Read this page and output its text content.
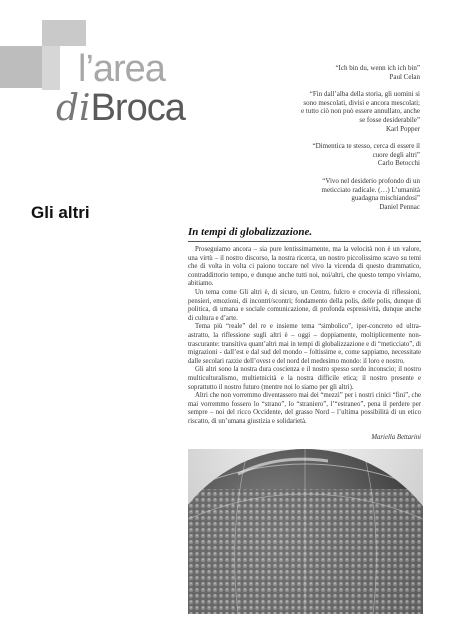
l’area
diBroca
“Ich bin du, wenn ich ich bin”
Paul Celan
“Fin dall’alba della storia, gli uomini si sono mescolati, divisi e ancora mescolati; e tutto ciò non può essere annullato, anche se fosse desiderabile”
Karl Popper
“Dimentica te stesso, cerca di essere il cuore degli altri”
Carlo Betocchi
“Vivo nel desiderio profondo di un meticciato radicale. (…) L’umanità guadagna mischiandosi”
Daniel Pennac
Gli altri
In tempi di globalizzazione.

Proseguiamo ancora – sia pure lentissimamente, ma la velocità non è un valore, una virtù – il nostro discorso, la nostra ricerca, un nostro piccolissimo scavo su temi che di volta in volta ci paiono toccare nel vivo la vicenda di questo drammatico, contraddittorio tempo, e dunque anche tutti noi, noi/altri, che questo tempo viviamo, abitiamo.

Un tema come Gli altri è, di sicuro, un Centro, fulcro e crocevia di riflessioni, pensieri, emozioni, di incontri/scontri; fondamento della polis, delle polis, dunque di politica, di umana e sociale comunicazione, di profonda espressività, dunque anche di cultura e d’arte.

Tema più “reale” del re e insieme tema “simbolico”, iper-concreto ed ultra-astratto, la riflessione sugli altri è – oggi – doppiamente, moltiplicemente non-trascurante: transitiva quant’altri mai in tempi di globalizzazione e di “meticciato”, di migrazioni - dall’est e dal sud del mondo – foltissime e, come sappiamo, necessitate dalle secolari razzie dell’ovest e del nord del medesimo mondo: il loro e nostro.

Gli altri sono la nostra dura coscienza e il nostro spesso sordo inconscio; il nostro multiculturalismo, multietnicità e la nostra difficile etica; il nostro presente e soprattutto il nostro futuro (mentre noi lo siamo per gli altri).

Altri che non vorremmo diventassero mai dei “mezzi” per i nostri cinici “fini”, che mai vorremmo fossero lo “strano”, lo “straniero”, l’“estraneo”, pena il perdere per sempre – noi del ricco Occidente, del grasso Nord – l’ultima possibilità di un etico riscatto, di un’umana giustizia e solidarietà.

Mariella Bettarini
